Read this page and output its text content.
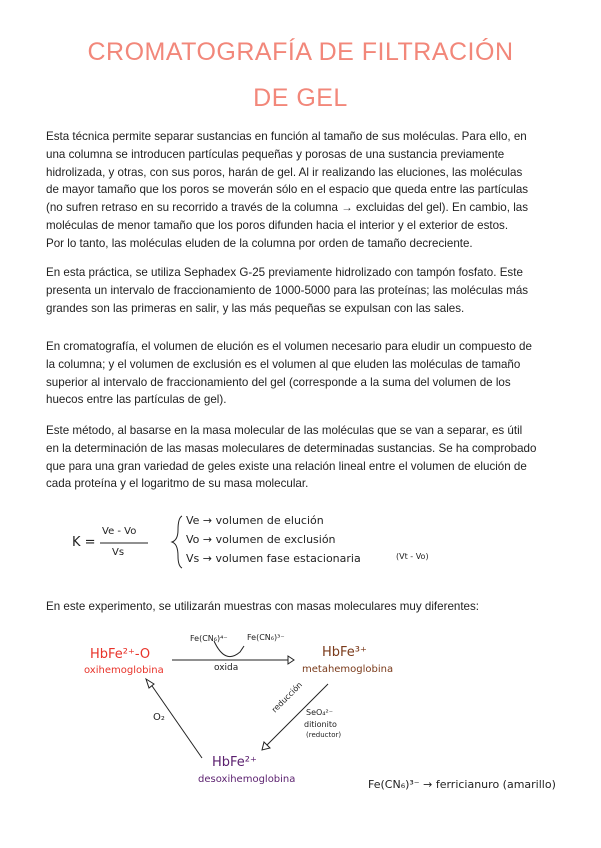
CROMATOGRAFÍA DE FILTRACIÓN
DE GEL
Esta técnica permite separar sustancias en función al tamaño de sus moléculas. Para ello, en
una columna se introducen partículas pequeñas y porosas de una sustancia previamente
hidrolizada, y otras, con sus poros, harán de gel. Al ir realizando las eluciones, las moléculas
de mayor tamaño que los poros se moverán sólo en el espacio que queda entre las partículas
(no sufren retraso en su recorrido a través de la columna → excluidas del gel). En cambio, las
moléculas de menor tamaño que los poros difunden hacia el interior y el exterior de estos.
Por lo tanto, las moléculas eluden de la columna por orden de tamaño decreciente.
En esta práctica, se utiliza Sephadex G-25 previamente hidrolizado con tampón fosfato. Este
presenta un intervalo de fraccionamiento de 1000-5000 para las proteínas; las moléculas más
grandes son las primeras en salir, y las más pequeñas se expulsan con las sales.
En cromatografía, el volumen de elución es el volumen necesario para eludir un compuesto de
la columna; y el volumen de exclusión es el volumen al que eluden las moléculas de tamaño
superior al intervalo de fraccionamiento del gel (corresponde a la suma del volumen de los
huecos entre las partículas de gel).
Este método, al basarse en la masa molecular de las moléculas que se van a separar, es útil
en la determinación de las masas moleculares de determinadas sustancias. Se ha comprobado
que para una gran variedad de geles existe una relación lineal entre el volumen de elución de
cada proteína y el logaritmo de su masa molecular.
K =
Ve - Vo
Vs
Ve → volumen de elución
Vo → volumen de exclusión
Vs → volumen fase estacionaria	(Vt - Vo)
En este experimento, se utilizarán muestras con masas moleculares muy diferentes:
HbFe²⁺-O
oxihemoglobina
HbFe³⁺
metahemoglobina
HbFe²⁺
desoxihemoglobina
Fe(CN₆)⁴⁻ Fe(CN₆)³⁻
oxida
O₂
reducción SeO₄²⁻
ditionito
(reductor)
Fe(CN₆)³⁻ → ferricianuro (amarillo)
